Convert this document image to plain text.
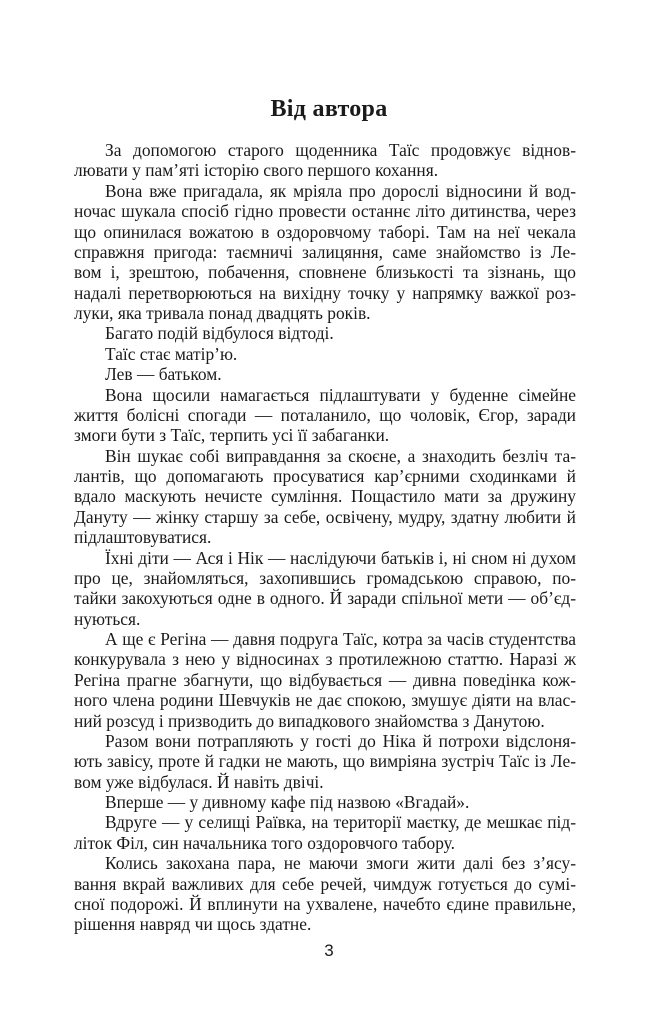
Від автора
За допомогою старого щоденника Таїс продовжує віднов-
лювати у пам’яті історію свого першого кохання.
Вона вже пригадала, як мріяла про дорослі відносини й вод-
ночас шукала спосіб гідно провести останнє літо дитинства, через
що опинилася вожатою в оздоровчому таборі. Там на неї чекала
справжня пригода: таємничі залицяння, саме знайомство із Ле-
вом і, зрештою, побачення, сповнене близькості та зізнань, що
надалі перетворюються на вихідну точку у напрямку важкої роз-
луки, яка тривала понад двадцять років.
Багато подій відбулося відтоді.
Таїс стає матір’ю.
Лев — батьком.
Вона щосили намагається підлаштувати у буденне сімейне
життя болісні спогади — поталанило, що чоловік, Єгор, заради
змоги бути з Таїс, терпить усі її забаганки.
Він шукає собі виправдання за скоєне, а знаходить безліч та-
лантів, що допомагають просуватися кар’єрними сходинками й
вдало маскують нечисте сумління. Пощастило мати за дружину
Дануту — жінку старшу за себе, освічену, мудру, здатну любити й
підлаштовуватися.
Їхні діти — Ася і Нік — наслідуючи батьків і, ні сном ні духом
про це, знайомляться, захопившись громадською справою, по-
тайки закохуються одне в одного. Й заради спільної мети — об’єд-
нуються.
А ще є Регіна — давня подруга Таїс, котра за часів студентства
конкурувала з нею у відносинах з протилежною статтю. Наразі ж
Регіна прагне збагнути, що відбувається — дивна поведінка кож-
ного члена родини Шевчуків не дає спокою, змушує діяти на влас-
ний розсуд і призводить до випадкового знайомства з Данутою.
Разом вони потрапляють у гості до Ніка й потрохи відслоня-
ють завісу, проте й гадки не мають, що вимріяна зустріч Таїс із Ле-
вом уже відбулася. Й навіть двічі.
Вперше — у дивному кафе під назвою «Вгадай».
Вдруге — у селищі Раївка, на території маєтку, де мешкає під-
літок Філ, син начальника того оздоровчого табору.
Колись закохана пара, не маючи змоги жити далі без з’ясу-
вання вкрай важливих для себе речей, чимдуж готується до сумі-
сної подорожі. Й вплинути на ухвалене, начебто єдине правильне,
рішення навряд чи щось здатне.
3
